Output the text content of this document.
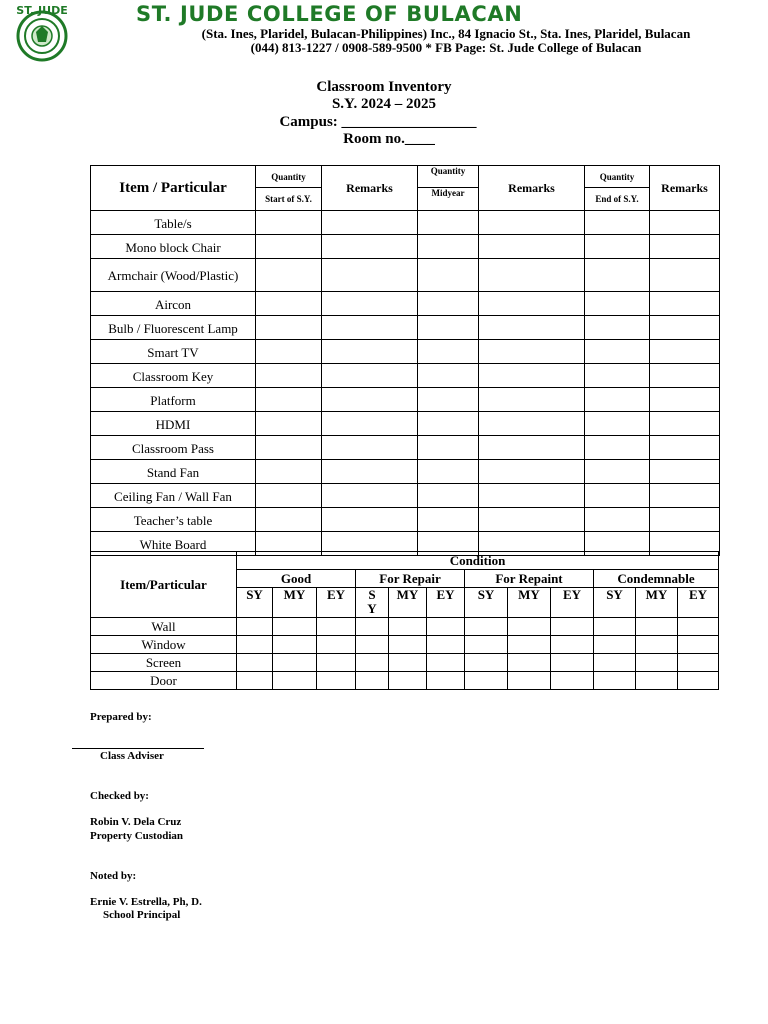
ST. JUDE	ST. JUDE COLLEGE OF BULACAN
(Sta. Ines, Plaridel, Bulacan-Philippines) Inc., 84 Ignacio St., Sta. Ines, Plaridel, Bulacan
(044) 813-1227 / 0908-589-9500 * FB Page: St. Jude College of Bulacan
Classroom Inventory
S.Y. 2024 – 2025
Campus: __________________
Room no.____
Item / Particular	Quantity	Remarks	Quantity	Remarks	Quantity	Remarks
	Start of S.Y.		Midyear		End of S.Y.	
Table/s						
Mono block Chair						
Armchair (Wood/Plastic)						
Aircon						
Bulb / Fluorescent Lamp						
Smart TV						
Classroom Key						
Platform						
HDMI						
Classroom Pass						
Stand Fan						
Ceiling Fan / Wall Fan						
Teacher’s table						
White Board						
Item/Particular	Condition											
	Good			For Repair			For Repaint			Condemnable		
	SY	MY	EY	S Y	MY	EY	SY	MY	EY	SY	MY	EY
Wall												
Window												
Screen												
Door												
Prepared by:
Class Adviser
Checked by:
Robin V. Dela Cruz
Property Custodian
Noted by:
Ernie V. Estrella, Ph, D.
School Principal
